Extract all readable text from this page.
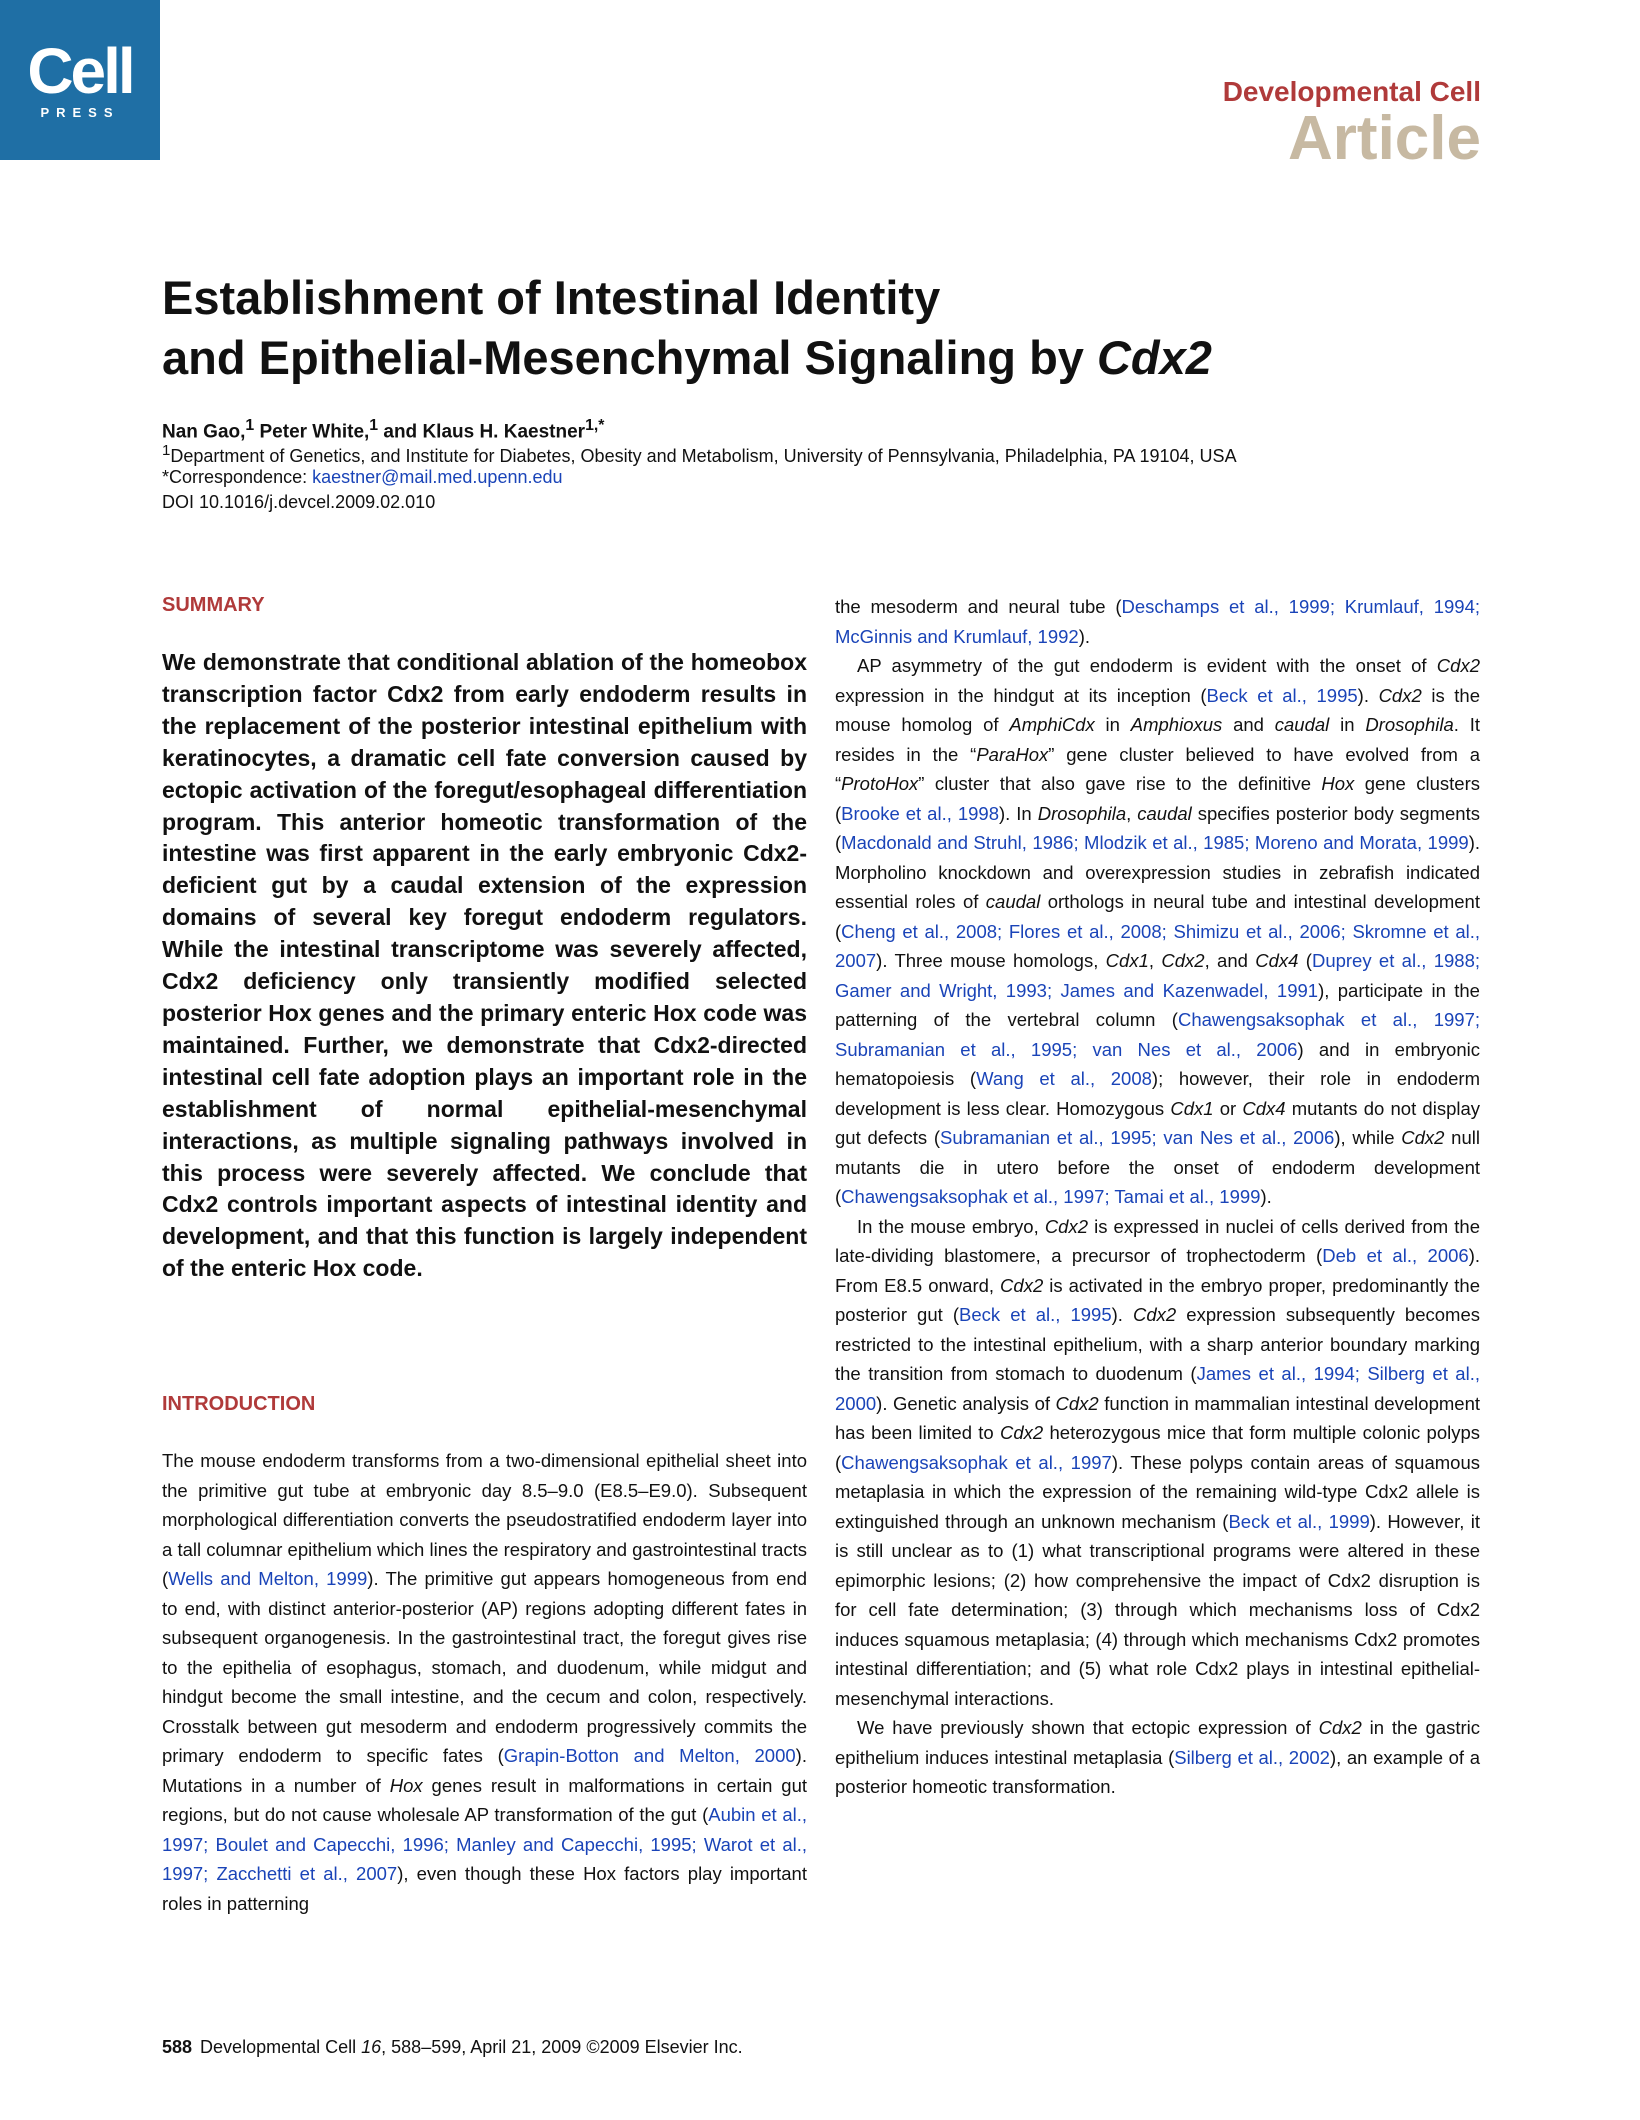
Cell
PRESS
Developmental Cell
Article
Establishment of Intestinal Identity
and Epithelial-Mesenchymal Signaling by Cdx2
Nan Gao,$^1$ Peter White,$^1$ and Klaus H. Kaestner$^{1,*}$
$^1$Department of Genetics, and Institute for Diabetes, Obesity and Metabolism, University of Pennsylvania, Philadelphia, PA 19104, USA
*Correspondence: kaestner@mail.med.upenn.edu
DOI 10.1016/j.devcel.2009.02.010
SUMMARY

We demonstrate that conditional ablation of the homeobox transcription factor Cdx2 from early endoderm results in the replacement of the posterior intestinal epithelium with keratinocytes, a dramatic cell fate conversion caused by ectopic activation of the foregut/esophageal differentiation program. This anterior homeotic transformation of the intestine was first apparent in the early embryonic Cdx2-deficient gut by a caudal extension of the expression domains of several key foregut endoderm regulators. While the intestinal transcriptome was severely affected, Cdx2 deficiency only transiently modified selected posterior Hox genes and the primary enteric Hox code was maintained. Further, we demonstrate that Cdx2-directed intestinal cell fate adoption plays an important role in the establishment of normal epithelial-mesenchymal interactions, as multiple signaling pathways involved in this process were severely affected. We conclude that Cdx2 controls important aspects of intestinal identity and development, and that this function is largely independent of the enteric Hox code.

INTRODUCTION

The mouse endoderm transforms from a two-dimensional epithelial sheet into the primitive gut tube at embryonic day 8.5–9.0 (E8.5–E9.0). Subsequent morphological differentiation converts the pseudostratified endoderm layer into a tall columnar epithelium which lines the respiratory and gastrointestinal tracts (Wells and Melton, 1999). The primitive gut appears homogeneous from end to end, with distinct anterior-posterior (AP) regions adopting different fates in subsequent organogenesis. In the gastrointestinal tract, the foregut gives rise to the epithelia of esophagus, stomach, and duodenum, while midgut and hindgut become the small intestine, and the cecum and colon, respectively. Crosstalk between gut mesoderm and endoderm progressively commits the primary endoderm to specific fates (Grapin-Botton and Melton, 2000). Mutations in a number of Hox genes result in malformations in certain gut regions, but do not cause wholesale AP transformation of the gut (Aubin et al., 1997; Boulet and Capecchi, 1996; Manley and Capecchi, 1995; Warot et al., 1997; Zacchetti et al., 2007), even though these Hox factors play important roles in patterning

the mesoderm and neural tube (Deschamps et al., 1999; Krumlauf, 1994; McGinnis and Krumlauf, 1992).

AP asymmetry of the gut endoderm is evident with the onset of Cdx2 expression in the hindgut at its inception (Beck et al., 1995). Cdx2 is the mouse homolog of AmphiCdx in Amphioxus and caudal in Drosophila. It resides in the “ParaHox” gene cluster believed to have evolved from a “ProtoHox” cluster that also gave rise to the definitive Hox gene clusters (Brooke et al., 1998). In Drosophila, caudal specifies posterior body segments (Macdonald and Struhl, 1986; Mlodzik et al., 1985; Moreno and Morata, 1999). Morpholino knockdown and overexpression studies in zebrafish indicated essential roles of caudal orthologs in neural tube and intestinal development (Cheng et al., 2008; Flores et al., 2008; Shimizu et al., 2006; Skromne et al., 2007). Three mouse homologs, Cdx1, Cdx2, and Cdx4 (Duprey et al., 1988; Gamer and Wright, 1993; James and Kazenwadel, 1991), participate in the patterning of the vertebral column (Chawengsaksophak et al., 1997; Subramanian et al., 1995; van Nes et al., 2006) and in embryonic hematopoiesis (Wang et al., 2008); however, their role in endoderm development is less clear. Homozygous Cdx1 or Cdx4 mutants do not display gut defects (Subramanian et al., 1995; van Nes et al., 2006), while Cdx2 null mutants die in utero before the onset of endoderm development (Chawengsaksophak et al., 1997; Tamai et al., 1999).

In the mouse embryo, Cdx2 is expressed in nuclei of cells derived from the late-dividing blastomere, a precursor of trophectoderm (Deb et al., 2006). From E8.5 onward, Cdx2 is activated in the embryo proper, predominantly the posterior gut (Beck et al., 1995). Cdx2 expression subsequently becomes restricted to the intestinal epithelium, with a sharp anterior boundary marking the transition from stomach to duodenum (James et al., 1994; Silberg et al., 2000). Genetic analysis of Cdx2 function in mammalian intestinal development has been limited to Cdx2 heterozygous mice that form multiple colonic polyps (Chawengsaksophak et al., 1997). These polyps contain areas of squamous metaplasia in which the expression of the remaining wild-type Cdx2 allele is extinguished through an unknown mechanism (Beck et al., 1999). However, it is still unclear as to (1) what transcriptional programs were altered in these epimorphic lesions; (2) how comprehensive the impact of Cdx2 disruption is for cell fate determination; (3) through which mechanisms loss of Cdx2 induces squamous metaplasia; (4) through which mechanisms Cdx2 promotes intestinal differentiation; and (5) what role Cdx2 plays in intestinal epithelial-mesenchymal interactions.

We have previously shown that ectopic expression of Cdx2 in the gastric epithelium induces intestinal metaplasia (Silberg et al., 2002), an example of a posterior homeotic transformation.

588 Developmental Cell 16, 588–599, April 21, 2009 ©2009 Elsevier Inc.
